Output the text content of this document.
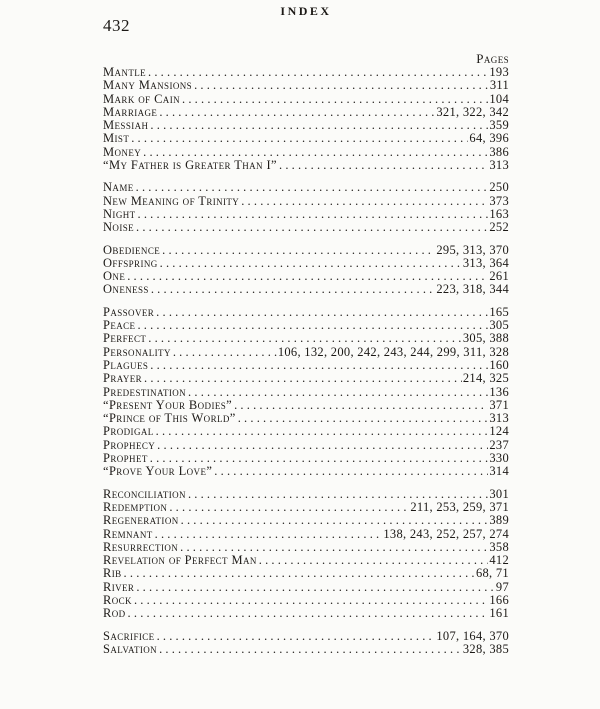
432
INDEX
Pages
Mantle .....	193
Many Mansions .....	311
Mark of Cain .....	104
Marriage .....	321, 322, 342
Messiah .....	359
Mist .....	64, 396
Money .....	386
“My Father is Greater Than I” .....	313
Name .....	250
New Meaning of Trinity .....	373
Night .....	163
Noise .....	252
Obedience .....	295, 313, 370
Offspring .....	313, 364
One .....	261
Oneness .....	223, 318, 344
Passover .....	165
Peace .....	305
Perfect .....	305, 388
Personality .....	106, 132, 200, 242, 243, 244, 299, 311, 328
Plagues .....	160
Prayer .....	214, 325
Predestination .....	136
“Present Your Bodies” .....	371
“Prince of This World” .....	313
Prodigal .....	124
Prophecy .....	237
Prophet .....	330
“Prove Your Love” .....	314
Reconciliation .....	301
Redemption .....	211, 253, 259, 371
Regeneration .....	389
Remnant .....	138, 243, 252, 257, 274
Resurrection .....	358
Revelation of Perfect Man .....	412
Rib .....	68, 71
River .....	97
Rock .....	166
Rod .....	161
Sacrifice .....	107, 164, 370
Salvation .....	328, 385
